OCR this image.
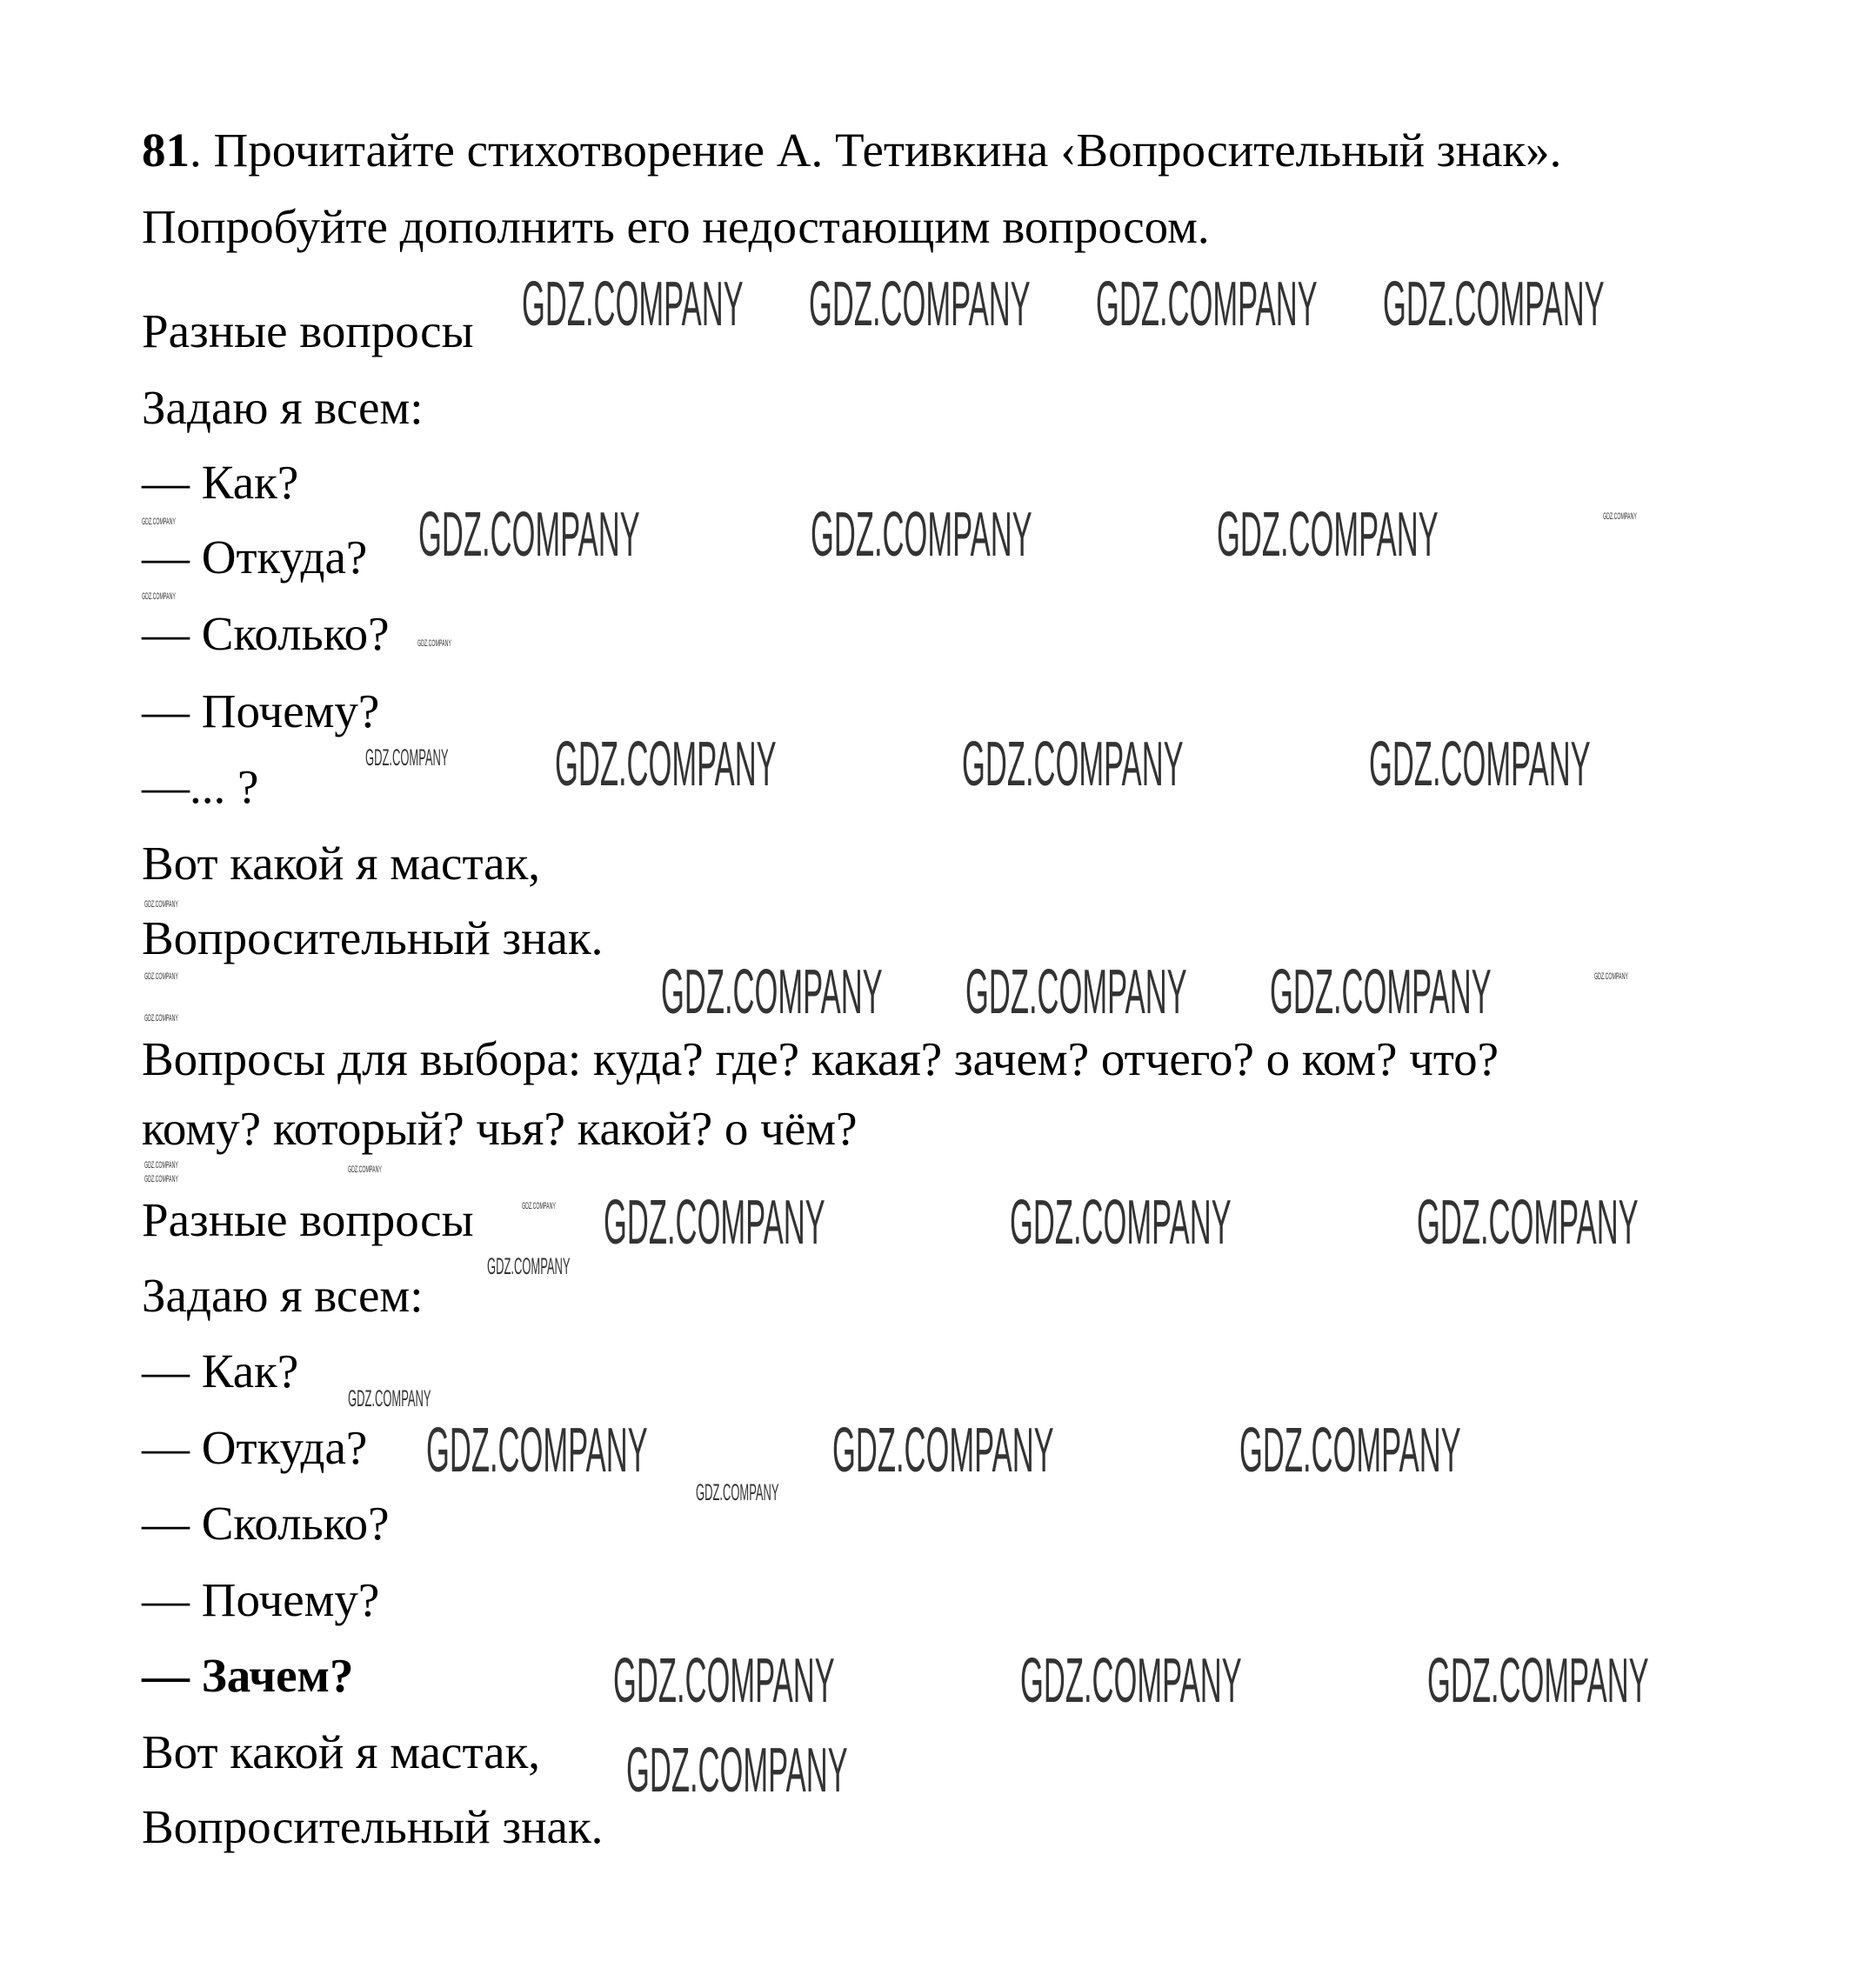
81. Прочитайте стихотворение А. Тетивкина ‹Вопросительный знак».
Попробуйте дополнить его недостающим вопросом.
Разные вопросы
Задаю я всем:
— Как?
— Откуда?
— Сколько?
— Почему?
—... ?
Вот какой я мастак,
Вопросительный знак.
Вопросы для выбора: куда? где? какая? зачем? отчего? о ком? что?
кому? который? чья? какой? о чём?
Разные вопросы
Задаю я всем:
— Как?
— Откуда?
— Сколько?
— Почему?
— Зачем?
Вот какой я мастак,
Вопросительный знак.
GDZ.COMPANY GDZ.COMPANY GDZ.COMPANY GDZ.COMPANY
GDZ.COMPANY	GDZ.COMPANY	GDZ.COMPANY	GDZ.COMPANY
GDZ.COMPANY
GDZ.COMPANY
GDZ.COMPANY
GDZ.COMPANY	GDZ.COMPANY	GDZ.COMPANY
GDZ.COMPANY
GDZ.COMPANY
GDZ.COMPANY
GDZ.COMPANY
GDZ.COMPANY
GDZ.COMPANY GDZ.COMPANY GDZ.COMPANY
GDZ.COMPANY
GDZ.COMPANY
GDZ.COMPANY
GDZ.COMPANY GDZ.COMPANY	GDZ.COMPANY	GDZ.COMPANY
GDZ.COMPANY
GDZ.COMPANY
GDZ.COMPANY	GDZ.COMPANY	GDZ.COMPANY
GDZ.COMPANY
GDZ.COMPANY	GDZ.COMPANY	GDZ.COMPANY
GDZ.COMPANY
